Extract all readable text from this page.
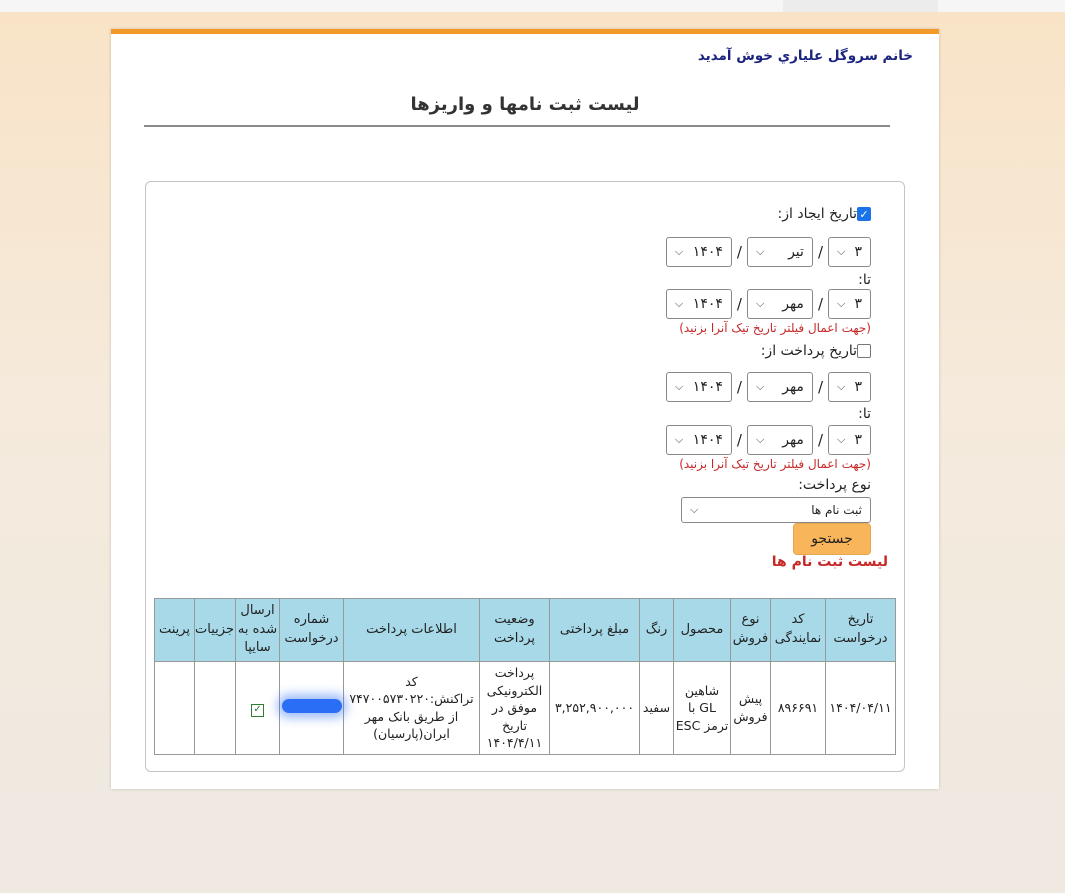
خانم سروگل علياري خوش آمديد
لیست ثبت نامها و واریزها
✓
تاریخ ایجاد از:
۳
⌵
/
تیر
⌵
/
۱۴۰۴
⌵
تا:
۳
⌵
/
مهر
⌵
/
۱۴۰۴
⌵
(جهت اعمال فیلتر تاریخ تیک آنرا بزنید)
تاریخ پرداخت از:
۳
⌵
/
مهر
⌵
/
۱۴۰۴
⌵
تا:
۳
⌵
/
مهر
⌵
/
۱۴۰۴
⌵
(جهت اعمال فیلتر تاریخ تیک آنرا بزنید)
نوع پرداخت:
ثبت نام ها
⌵
جستجو
لیست ثبت نام ها
تاریخ درخواست	کد نمایندگی	نوع فروش	محصول	رنگ	مبلغ پرداختی	وضعیت پرداخت	اطلاعات پرداخت	شماره درخواست	ارسال شده به سایپا	جزییات	پرینت
۱۴۰۴/۰۴/۱۱	۸۹۶۶۹۱	پیش فروش	شاهین GL با ترمز ESC	سفید	۳,۲۵۲,۹۰۰,۰۰۰	پرداخت الکترونیکی موفق در تاریخ ۱۴۰۴/۴/۱۱	کد تراکنش:۷۴۷۰۰۵۷۳۰۲۲۰ از طریق بانک مهر ایران(پارسیان)		✓		
